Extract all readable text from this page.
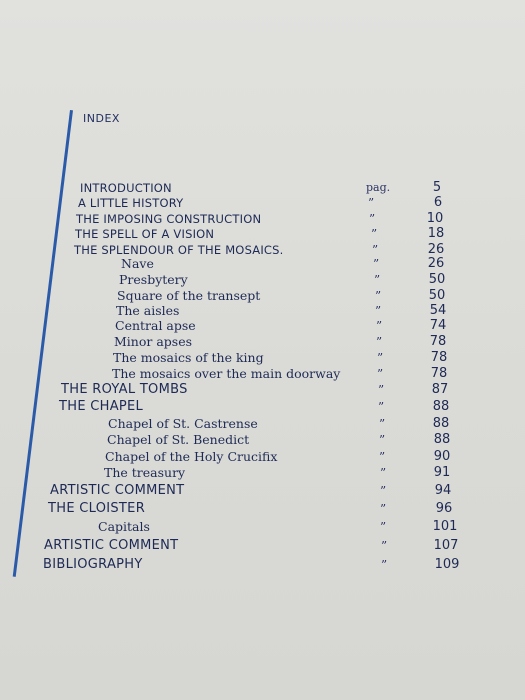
INDEX
INTRODUCTION	pag.	5
A LITTLE HISTORY	”	6
THE IMPOSING CONSTRUCTION	”	10
THE SPELL OF A VISION	”	18
THE SPLENDOUR OF THE MOSAICS.	”	26
Nave	”	26
Presbytery	”	50
Square of the transept	”	50
The aisles	”	54
Central apse	”	74
Minor apses	”	78
The mosaics of the king	”	78
The mosaics over the main doorway	”	78
THE ROYAL TOMBS	”	87
THE CHAPEL	”	88
Chapel of St. Castrense	”	88
Chapel of St. Benedict	”	88
Chapel of the Holy Crucifix	”	90
The treasury	”	91
ARTISTIC COMMENT	”	94
THE CLOISTER	”	96
Capitals	”	101
ARTISTIC COMMENT	”	107
BIBLIOGRAPHY	”	109
